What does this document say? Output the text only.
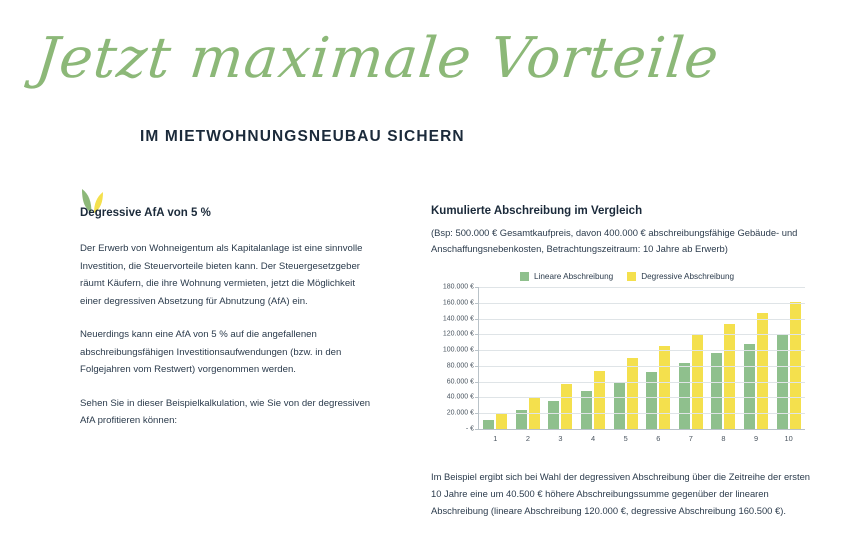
Jetzt maximale Vorteile
IM MIETWOHNUNGSNEUBAU SICHERN
Degressive AfA von 5 %

Der Erwerb von Wohneigentum als Kapitalanlage ist eine sinnvolle Investition, die Steuervorteile bieten kann. Der Steuergesetzgeber räumt Käufern, die ihre Wohnung vermieten, jetzt die Möglichkeit einer degressiven Absetzung für Abnutzung (AfA) ein.

Neuerdings kann eine AfA von 5 % auf die angefallenen abschreibungsfähigen Investitionsaufwendungen (bzw. in den Folgejahren vom Restwert) vorgenommen werden.

Sehen Sie in dieser Beispielkalkulation, wie Sie von der degressiven AfA profitieren können:

Kumulierte Abschreibung im Vergleich
(Bsp: 500.000 € Gesamtkaufpreis, davon 400.000 € abschreibungsfähige Gebäude- und Anschaffungsnebenkosten, Betrachtungszeitraum: 10 Jahre ab Erwerb)
Lineare Abschreibung	Degressive Abschreibung
1	2	3	4	5	6	7	8	9	10
- €
20.000 €
40.000 €
60.000 €
80.000 €
100.000 €
120.000 €
140.000 €
160.000 €
180.000 €
Im Beispiel ergibt sich bei Wahl der degressiven Abschreibung über die Zeitreihe der ersten 10 Jahre eine um 40.500 € höhere Abschreibungssumme gegenüber der linearen Abschreibung (lineare Abschreibung 120.000 €, degressive Abschreibung 160.500 €).
